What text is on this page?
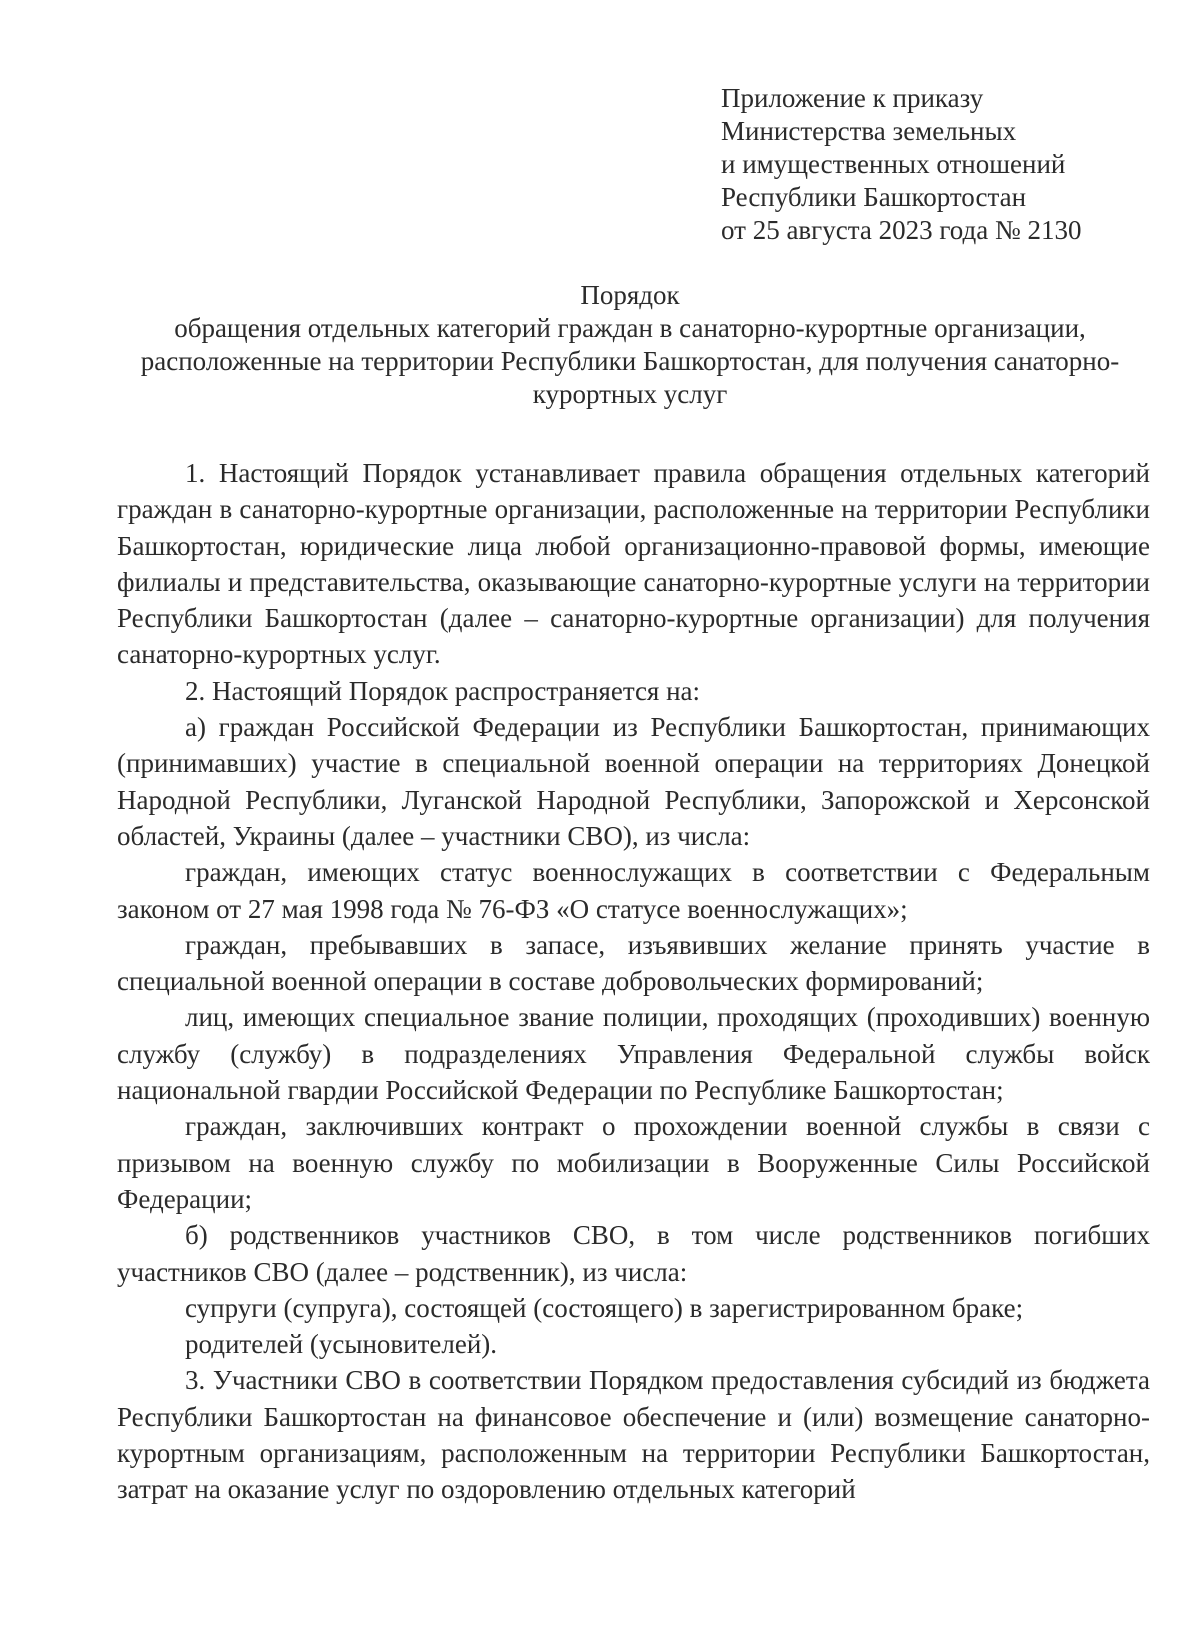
Приложение к приказу
Министерства земельных
и имущественных отношений
Республики Башкортостан
от 25 августа 2023 года № 2130
Порядок
обращения отдельных категорий граждан в санаторно-курортные организации,
расположенные на территории Республики Башкортостан, для получения санаторно-
курортных услуг

1. Настоящий Порядок устанавливает правила обращения отдельных категорий граждан в санаторно-курортные организации, расположенные на территории Республики Башкортостан, юридические лица любой организационно-правовой формы, имеющие филиалы и представительства, оказывающие санаторно-курортные услуги на территории Республики Башкортостан (далее – санаторно-курортные организации) для получения санаторно-курортных услуг.

2. Настоящий Порядок распространяется на:

а) граждан Российской Федерации из Республики Башкортостан, принимающих (принимавших) участие в специальной военной операции на территориях Донецкой Народной Республики, Луганской Народной Республики, Запорожской и Херсонской областей, Украины (далее – участники СВО), из числа:

граждан, имеющих статус военнослужащих в соответствии с Федеральным законом от 27 мая 1998 года № 76-ФЗ «О статусе военнослужащих»;

граждан, пребывавших в запасе, изъявивших желание принять участие в специальной военной операции в составе добровольческих формирований;

лиц, имеющих специальное звание полиции, проходящих (проходивших) военную службу (службу) в подразделениях Управления Федеральной службы войск национальной гвардии Российской Федерации по Республике Башкортостан;

граждан, заключивших контракт о прохождении военной службы в связи с призывом на военную службу по мобилизации в Вооруженные Силы Российской Федерации;

б) родственников участников СВО, в том числе родственников погибших участников СВО (далее – родственник), из числа:

супруги (супруга), состоящей (состоящего) в зарегистрированном браке;

родителей (усыновителей).

3. Участники СВО в соответствии Порядком предоставления субсидий из бюджета Республики Башкортостан на финансовое обеспечение и (или) возмещение санаторно-курортным организациям, расположенным на территории Республики Башкортостан, затрат на оказание услуг по оздоровлению отдельных категорий
